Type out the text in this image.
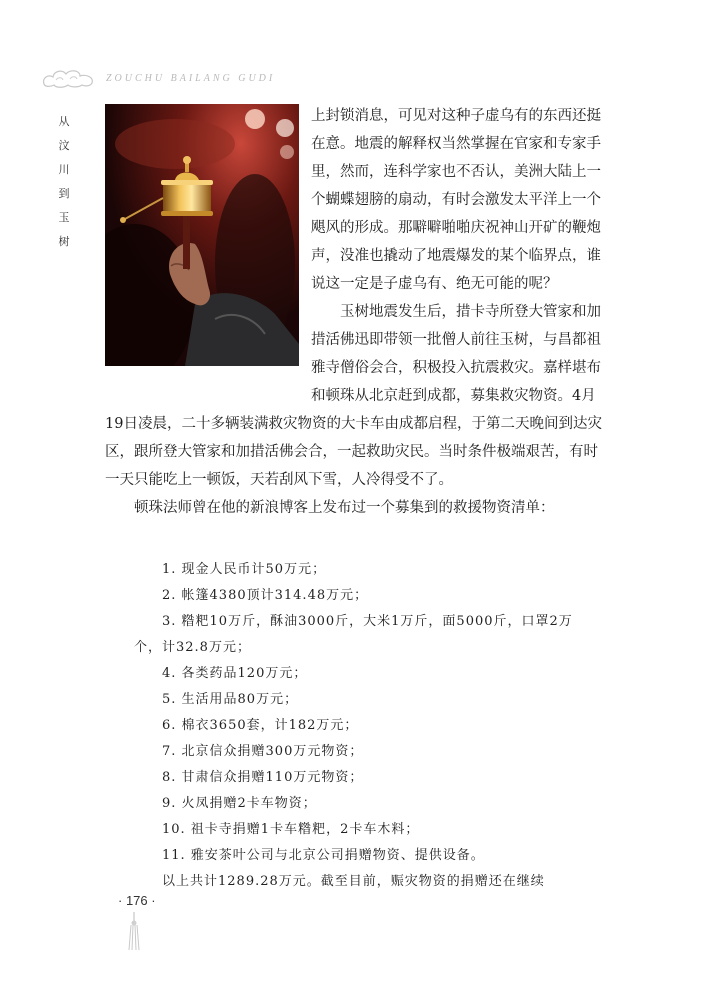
ZOUCHU BAILANG GUDI
从
汶
川
到
玉
树
上封锁消息，可见对这种子虚乌有的东西还挺
在意。地震的解释权当然掌握在官家和专家手
里，然而，连科学家也不否认，美洲大陆上一
个蝴蝶翅膀的扇动，有时会激发太平洋上一个
飓风的形成。那噼噼啪啪庆祝神山开矿的鞭炮
声，没准也撬动了地震爆发的某个临界点，谁
说这一定是子虚乌有、绝无可能的呢？
玉树地震发生后，措卡寺所登大管家和加
措活佛迅即带领一批僧人前往玉树，与昌都祖
雅寺僧俗会合，积极投入抗震救灾。嘉样堪布
和顿珠从北京赶到成都，募集救灾物资。4月
19日凌晨，二十多辆装满救灾物资的大卡车由成都启程，于第二天晚间到达灾
区，跟所登大管家和加措活佛会合，一起救助灾民。当时条件极端艰苦，有时
一天只能吃上一顿饭，天若刮风下雪，人冷得受不了。
顿珠法师曾在他的新浪博客上发布过一个募集到的救援物资清单：
1. 现金人民币计50万元；
2. 帐篷4380顶计314.48万元；
3. 糌粑10万斤，酥油3000斤，大米1万斤，面5000斤，口罩2万
个，计32.8万元；
4. 各类药品120万元；
5. 生活用品80万元；
6. 棉衣3650套，计182万元；
7. 北京信众捐赠300万元物资；
8. 甘肃信众捐赠110万元物资；
9. 火凤捐赠2卡车物资；
10. 祖卡寺捐赠1卡车糌粑，2卡车木料；
11. 雅安茶叶公司与北京公司捐赠物资、提供设备。
以上共计1289.28万元。截至目前，赈灾物资的捐赠还在继续
· 176 ·
